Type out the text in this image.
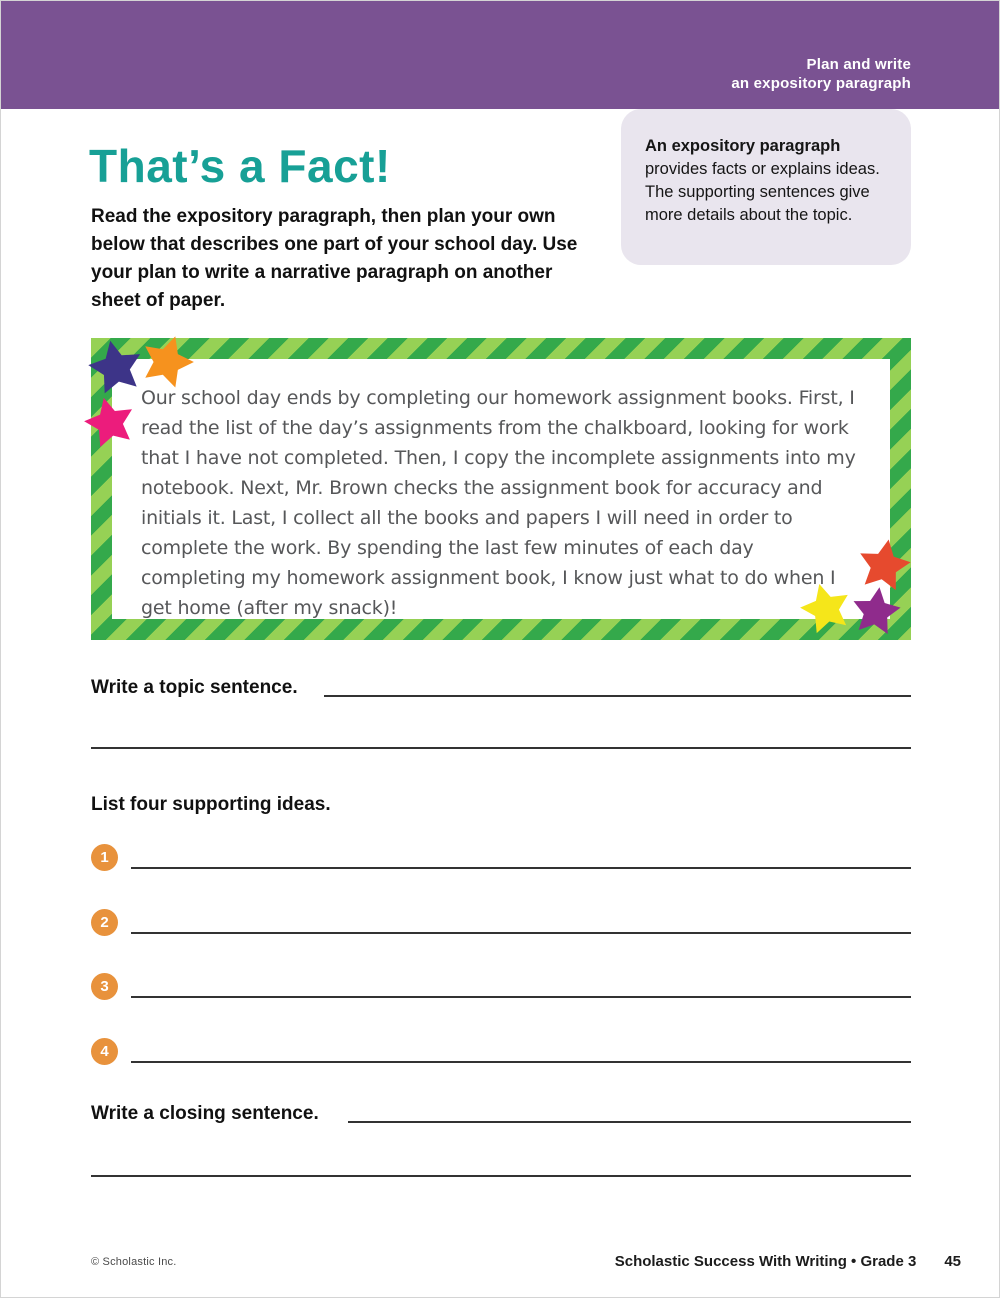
Plan and write
an expository paragraph
An expository paragraph provides facts or explains ideas. The supporting sentences give more details about the topic.
That’s a Fact!
Read the expository paragraph, then plan your own below that describes one part of your school day. Use your plan to write a narrative paragraph on another sheet of paper.
Our school day ends by completing our homework assignment books. First, I read the list of the day’s assignments from the chalkboard, looking for work that I have not completed. Then, I copy the incomplete assignments into my notebook. Next, Mr. Brown checks the assignment book for accuracy and initials it. Last, I collect all the books and papers I will need in order to complete the work. By spending the last few minutes of each day completing my homework assignment book, I know just what to do when I get home (after my snack)!
Write a topic sentence.
List four supporting ideas.
1
2
3
4
Write a closing sentence.
© Scholastic Inc.	Scholastic Success With Writing • Grade 3 45
